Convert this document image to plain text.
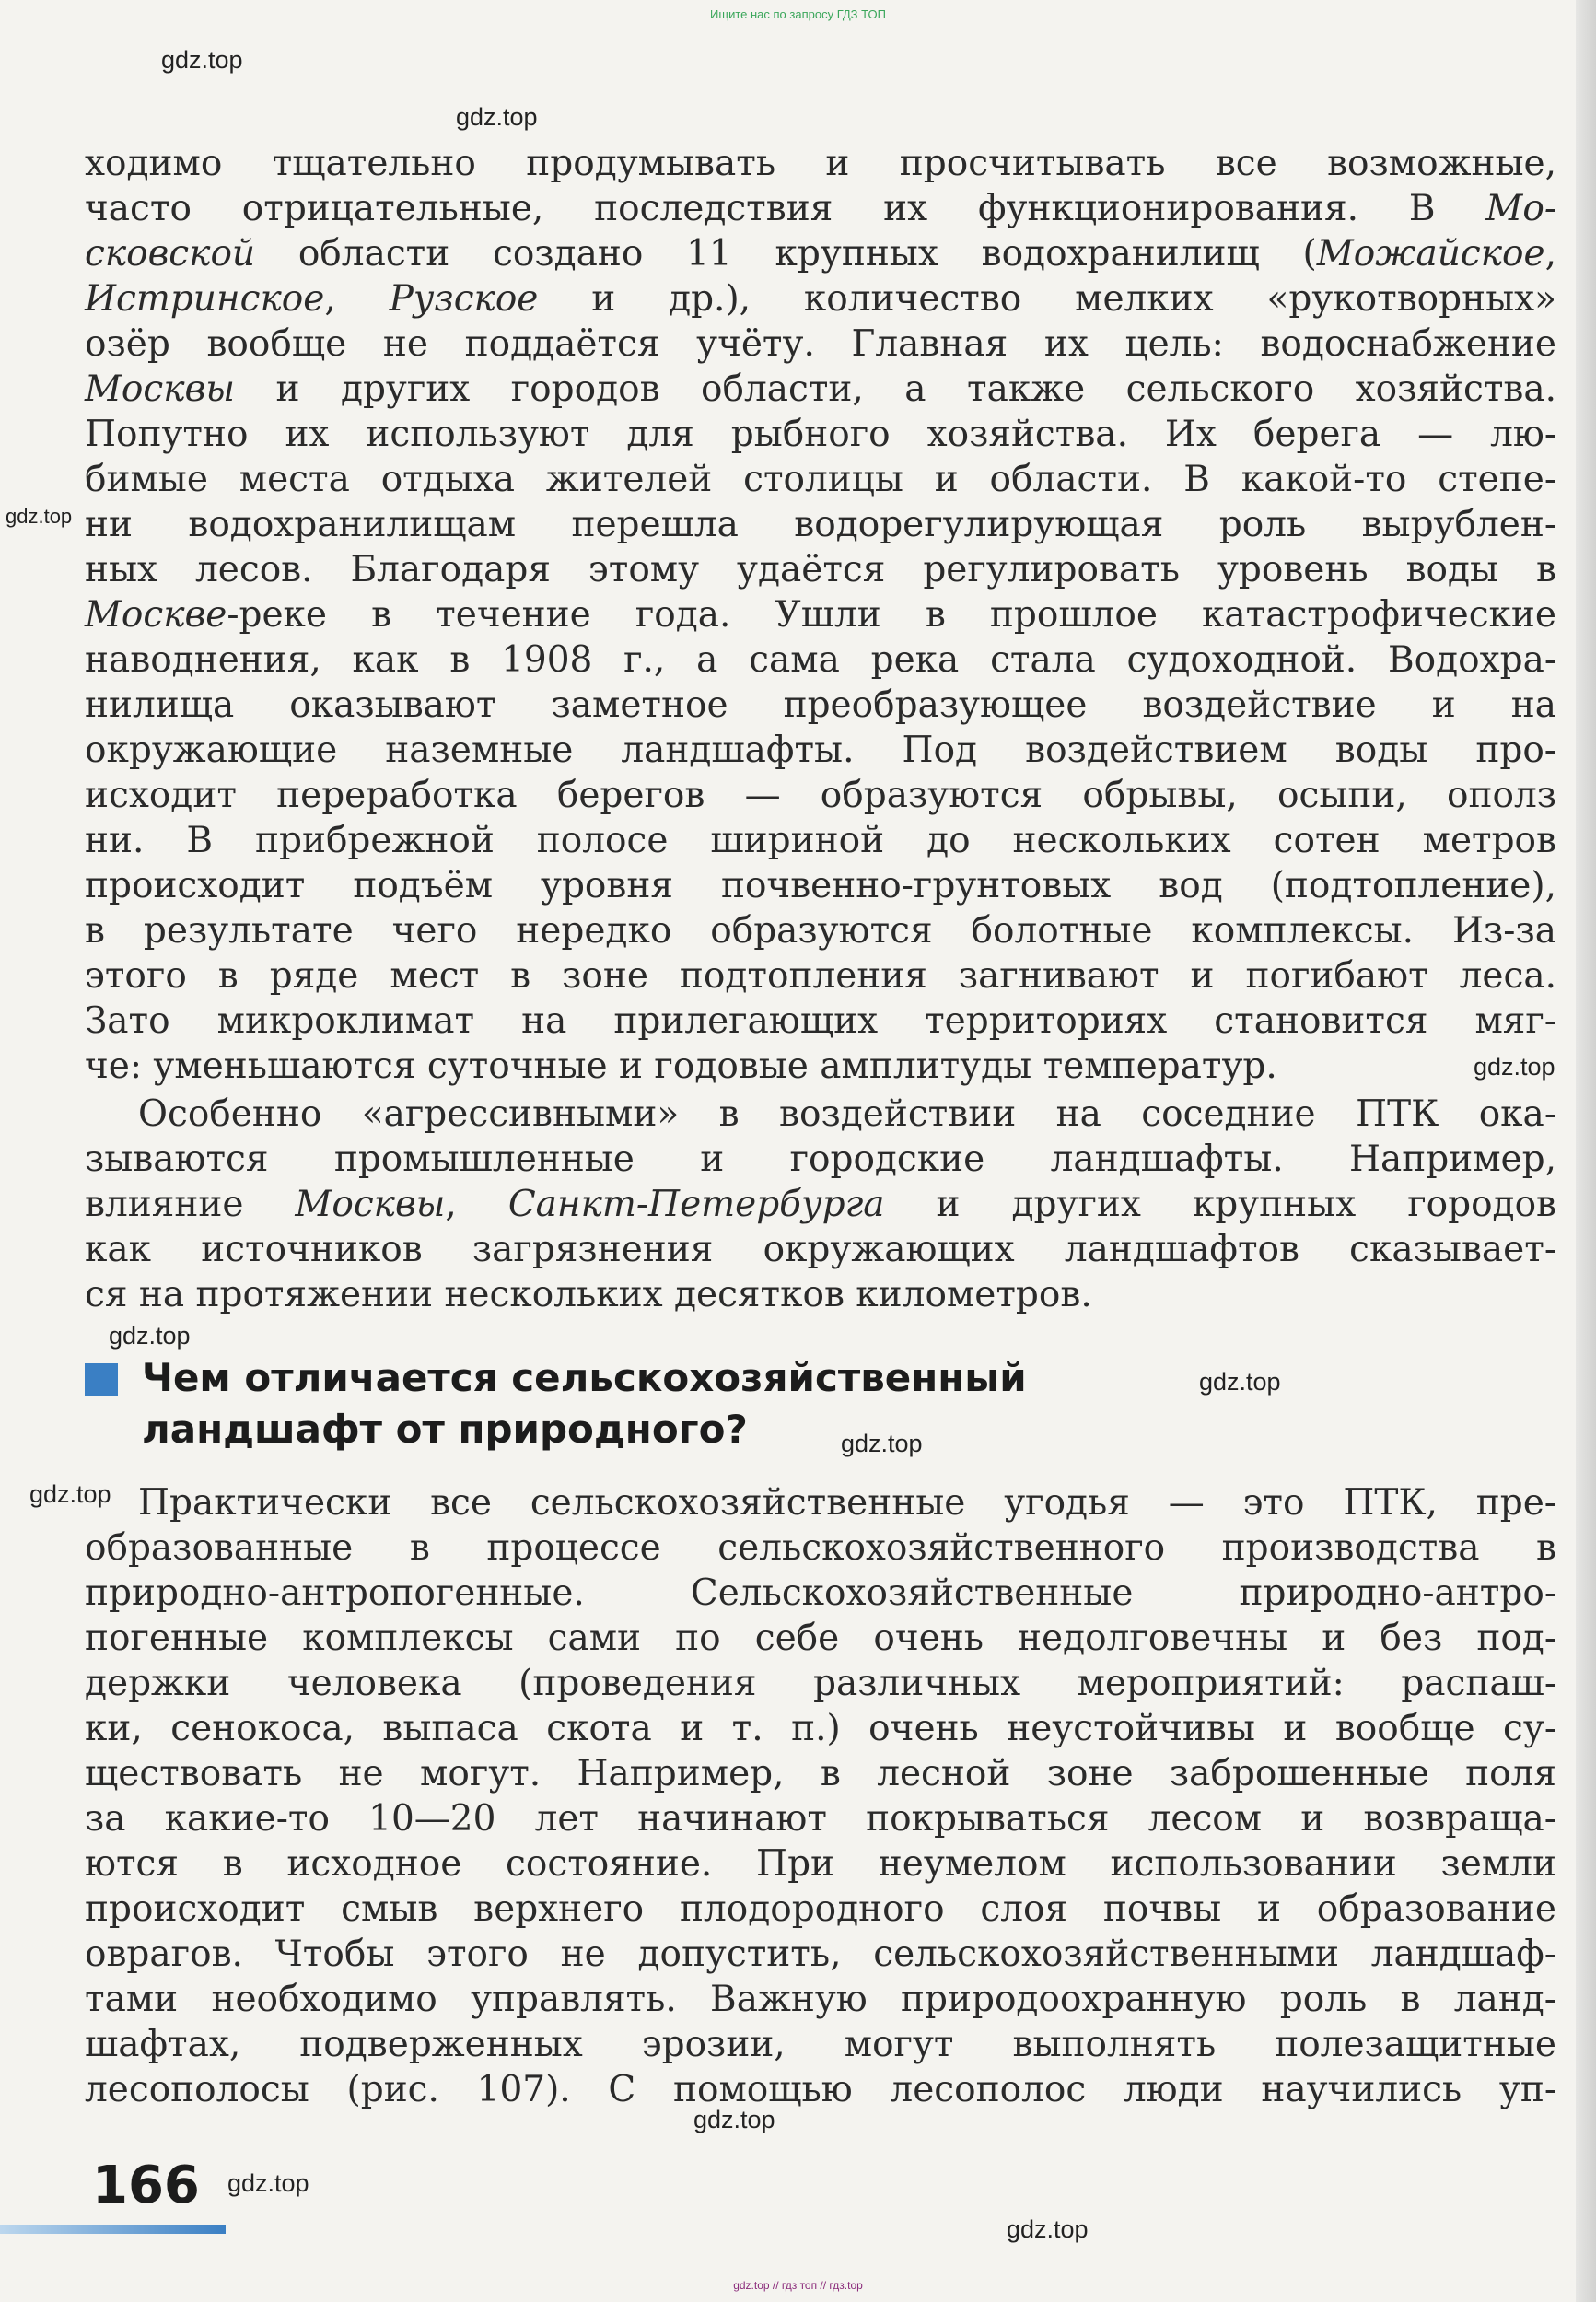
Ищите нас по запросу ГДЗ ТОП
gdz.top
gdz.top
gdz.top
gdz.top
gdz.top
gdz.top
gdz.top
gdz.top
gdz.top
gdz.top
gdz.top
ходимо тщательно продумывать и просчитывать все возможные,
часто отрицательные, последствия их функционирования. В Мо-
сковской области создано 11 крупных водохранилищ (Можайское,
Истринское, Рузское и др.), количество мелких «рукотворных»
озёр вообще не поддаётся учёту. Главная их цель: водоснабжение
Москвы и других городов области, а также сельского хозяйства.
Попутно их используют для рыбного хозяйства. Их берега — лю-
бимые места отдыха жителей столицы и области. В какой-то степе-
ни водохранилищам перешла водорегулирующая роль вырублен-
ных лесов. Благодаря этому удаётся регулировать уровень воды в
Москве-реке в течение года. Ушли в прошлое катастрофические
наводнения, как в 1908 г., а сама река стала судоходной. Водохра-
нилища оказывают заметное преобразующее воздействие и на
окружающие наземные ландшафты. Под воздействием воды про-
исходит переработка берегов — образуются обрывы, осыпи, ополз
ни. В прибрежной полосе шириной до нескольких сотен метров
происходит подъём уровня почвенно-грунтовых вод (подтопление),
в результате чего нередко образуются болотные комплексы. Из-за
этого в ряде мест в зоне подтопления загнивают и погибают леса.
Зато микроклимат на прилегающих территориях становится мяг-
че: уменьшаются суточные и годовые амплитуды температур.
Особенно «агрессивными» в воздействии на соседние ПТК ока-
зываются промышленные и городские ландшафты. Например,
влияние Москвы, Санкт-Петербурга и других крупных городов
как источников загрязнения окружающих ландшафтов сказывает-
ся на протяжении нескольких десятков километров.
Чем отличается сельскохозяйственный
ландшафт от природного?
Практически все сельскохозяйственные угодья — это ПТК, пре-
образованные в процессе сельскохозяйственного производства в
природно-антропогенные. Сельскохозяйственные природно-антро-
погенные комплексы сами по себе очень недолговечны и без под-
держки человека (проведения различных мероприятий: распаш-
ки, сенокоса, выпаса скота и т. п.) очень неустойчивы и вообще су-
ществовать не могут. Например, в лесной зоне заброшенные поля
за какие-то 10—20 лет начинают покрываться лесом и возвраща-
ются в исходное состояние. При неумелом использовании земли
происходит смыв верхнего плодородного слоя почвы и образование
оврагов. Чтобы этого не допустить, сельскохозяйственными ландшаф-
тами необходимо управлять. Важную природоохранную роль в ланд-
шафтах, подверженных эрозии, могут выполнять полезащитные
лесополосы (рис. 107). С помощью лесополос люди научились уп-
166
gdz.top // гдз топ // гдз.top
